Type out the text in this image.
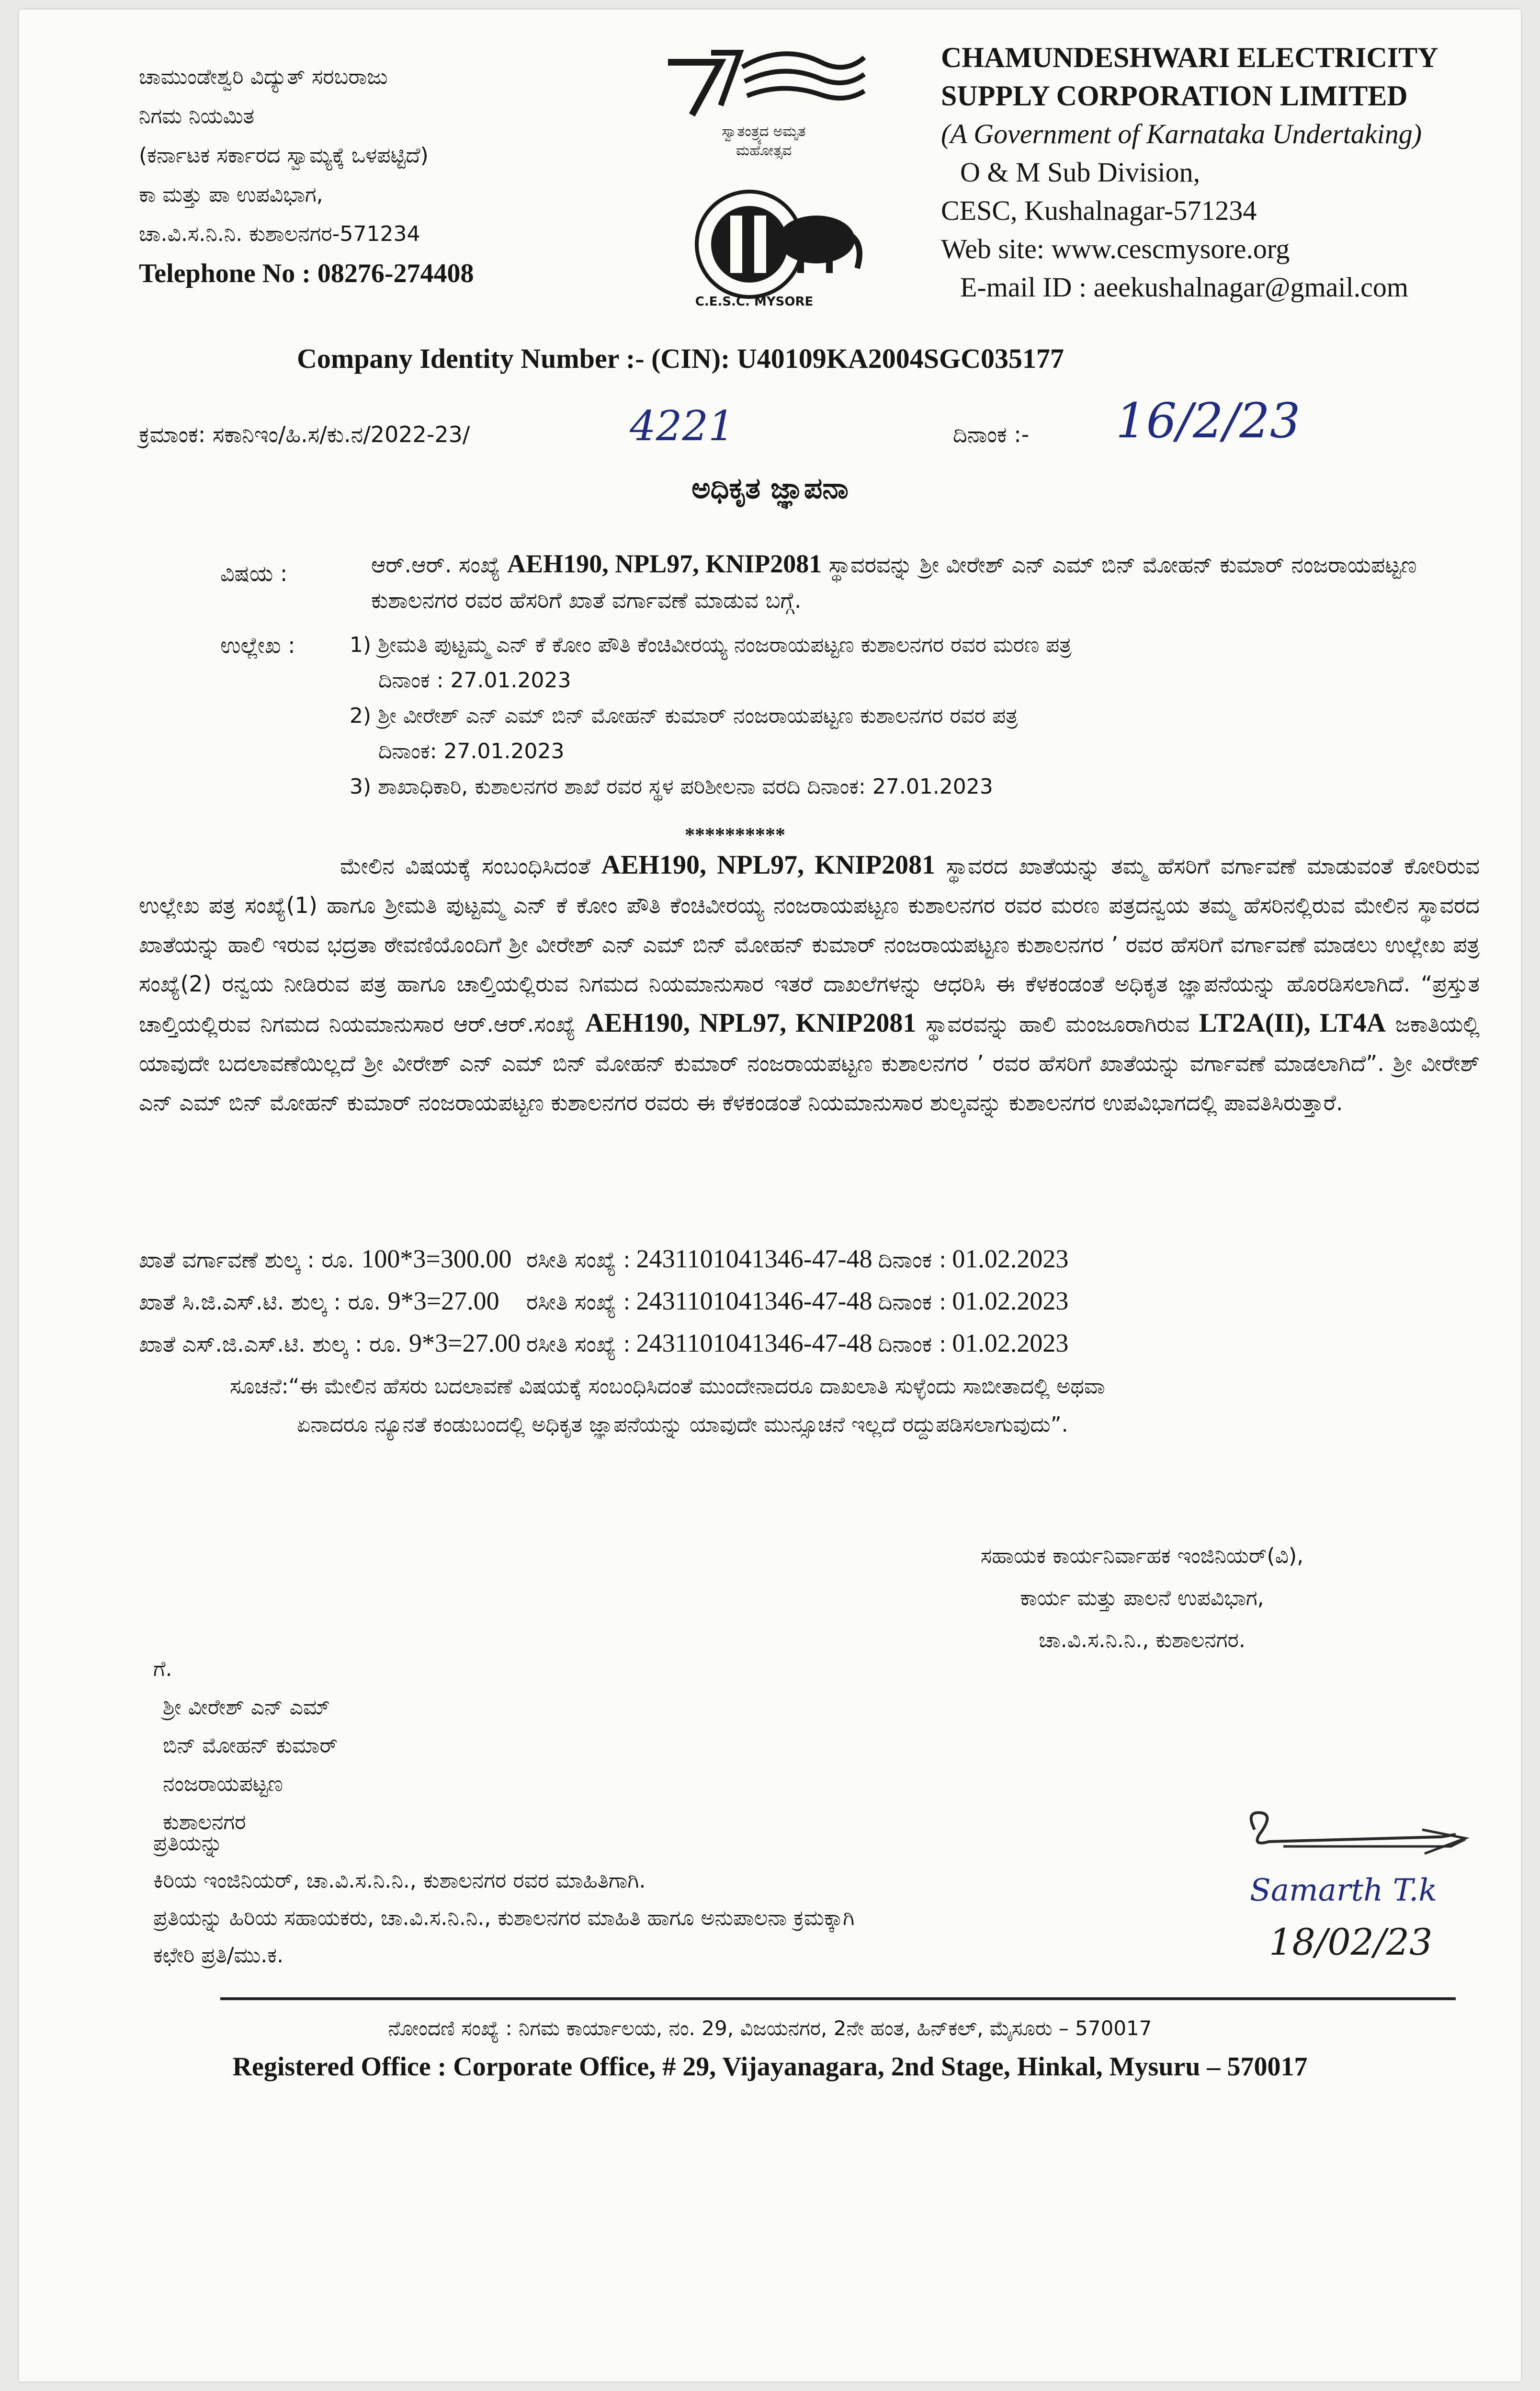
ಚಾಮುಂಡೇಶ್ವರಿ ವಿದ್ಯುತ್ ಸರಬರಾಜು
ನಿಗಮ ನಿಯಮಿತ
(ಕರ್ನಾಟಕ ಸರ್ಕಾರದ ಸ್ವಾಮ್ಯಕ್ಕೆ ಒಳಪಟ್ಟಿದೆ)
ಕಾ ಮತ್ತು ಪಾ ಉಪವಿಭಾಗ,
ಚಾ.ವಿ.ಸ.ನಿ.ನಿ. ಕುಶಾಲನಗರ-571234
Telephone No : 08276-274408
ಸ್ವಾತಂತ್ರ್ಯದ ಅಮೃತ ಮಹೋತ್ಸವ
C.E.S.C. MYSORE
CHAMUNDESHWARI ELECTRICITY
SUPPLY CORPORATION LIMITED
(A Government of Karnataka Undertaking)
O & M Sub Division,
CESC, Kushalnagar-571234
Web site: www.cescmysore.org
E-mail ID : aeekushalnagar@gmail.com
Company Identity Number :- (CIN): U40109KA2004SGC035177
ಕ್ರಮಾಂಕ: ಸಕಾನಿಇಂ/ಹಿ.ಸ/ಕು.ನ/2022-23/	4221	ದಿನಾಂಕ :- 16/2/23
ಅಧಿಕೃತ ಜ್ಞಾಪನಾ
ವಿಷಯ :	ಆರ್.ಆರ್. ಸಂಖ್ಯೆ AEH190, NPL97, KNIP2081 ಸ್ಥಾವರವನ್ನು ಶ್ರೀ ವೀರೇಶ್ ಎನ್ ಎಮ್ ಬಿನ್ ಮೋಹನ್ ಕುಮಾರ್ ನಂಜರಾಯಪಟ್ಟಣ ಕುಶಾಲನಗರ ರವರ ಹೆಸರಿಗೆ ಖಾತೆ ವರ್ಗಾವಣೆ ಮಾಡುವ ಬಗ್ಗೆ.
ಉಲ್ಲೇಖ :	1) ಶ್ರೀಮತಿ ಪುಟ್ಟಮ್ಮ ಎನ್ ಕೆ ಕೋಂ ಪೌತಿ ಕೆಂಚಿವೀರಯ್ಯ ನಂಜರಾಯಪಟ್ಟಣ ಕುಶಾಲನಗರ ರವರ ಮರಣ ಪತ್ರ
ದಿನಾಂಕ : 27.01.2023
2) ಶ್ರೀ ವೀರೇಶ್ ಎನ್ ಎಮ್ ಬಿನ್ ಮೋಹನ್ ಕುಮಾರ್ ನಂಜರಾಯಪಟ್ಟಣ ಕುಶಾಲನಗರ ರವರ ಪತ್ರ
ದಿನಾಂಕ: 27.01.2023
3) ಶಾಖಾಧಿಕಾರಿ, ಕುಶಾಲನಗರ ಶಾಖೆ ರವರ ಸ್ಥಳ ಪರಿಶೀಲನಾ ವರದಿ ದಿನಾಂಕ: 27.01.2023
**********
ಮೇಲಿನ ವಿಷಯಕ್ಕೆ ಸಂಬಂಧಿಸಿದಂತೆ AEH190, NPL97, KNIP2081 ಸ್ಥಾವರದ ಖಾತೆಯನ್ನು ತಮ್ಮ ಹೆಸರಿಗೆ ವರ್ಗಾವಣೆ ಮಾಡುವಂತೆ ಕೋರಿರುವ ಉಲ್ಲೇಖ ಪತ್ರ ಸಂಖ್ಯೆ(1) ಹಾಗೂ ಶ್ರೀಮತಿ ಪುಟ್ಟಮ್ಮ ಎನ್ ಕೆ ಕೋಂ ಪೌತಿ ಕೆಂಚಿವೀರಯ್ಯ ನಂಜರಾಯಪಟ್ಟಣ ಕುಶಾಲನಗರ ರವರ ಮರಣ ಪತ್ರದನ್ವಯ ತಮ್ಮ ಹೆಸರಿನಲ್ಲಿರುವ ಮೇಲಿನ ಸ್ಥಾವರದ ಖಾತೆಯನ್ನು ಹಾಲಿ ಇರುವ ಭದ್ರತಾ ಠೇವಣಿಯೊಂದಿಗೆ ಶ್ರೀ ವೀರೇಶ್ ಎನ್ ಎಮ್ ಬಿನ್ ಮೋಹನ್ ಕುಮಾರ್ ನಂಜರಾಯಪಟ್ಟಣ ಕುಶಾಲನಗರ ’ ರವರ ಹೆಸರಿಗೆ ವರ್ಗಾವಣೆ ಮಾಡಲು ಉಲ್ಲೇಖ ಪತ್ರ ಸಂಖ್ಯೆ(2) ರನ್ವಯ ನೀಡಿರುವ ಪತ್ರ ಹಾಗೂ ಚಾಲ್ತಿಯಲ್ಲಿರುವ ನಿಗಮದ ನಿಯಮಾನುಸಾರ ಇತರೆ ದಾಖಲೆಗಳನ್ನು ಆಧರಿಸಿ ಈ ಕೆಳಕಂಡಂತೆ ಅಧಿಕೃತ ಜ್ಞಾಪನೆಯನ್ನು ಹೊರಡಿಸಲಾಗಿದೆ. “ಪ್ರಸ್ತುತ ಚಾಲ್ತಿಯಲ್ಲಿರುವ ನಿಗಮದ ನಿಯಮಾನುಸಾರ ಆರ್.ಆರ್.ಸಂಖ್ಯೆ AEH190, NPL97, KNIP2081 ಸ್ಥಾವರವನ್ನು ಹಾಲಿ ಮಂಜೂರಾಗಿರುವ LT2A(II), LT4A ಜಕಾತಿಯಲ್ಲಿ ಯಾವುದೇ ಬದಲಾವಣೆಯಿಲ್ಲದೆ ಶ್ರೀ ವೀರೇಶ್ ಎನ್ ಎಮ್ ಬಿನ್ ಮೋಹನ್ ಕುಮಾರ್ ನಂಜರಾಯಪಟ್ಟಣ ಕುಶಾಲನಗರ ’ ರವರ ಹೆಸರಿಗೆ ಖಾತೆಯನ್ನು ವರ್ಗಾವಣೆ ಮಾಡಲಾಗಿದೆ”. ಶ್ರೀ ವೀರೇಶ್ ಎನ್ ಎಮ್ ಬಿನ್ ಮೋಹನ್ ಕುಮಾರ್ ನಂಜರಾಯಪಟ್ಟಣ ಕುಶಾಲನಗರ ರವರು ಈ ಕೆಳಕಂಡಂತೆ ನಿಯಮಾನುಸಾರ ಶುಲ್ಕವನ್ನು ಕುಶಾಲನಗರ ಉಪವಿಭಾಗದಲ್ಲಿ ಪಾವತಿಸಿರುತ್ತಾರೆ.
ಖಾತೆ ವರ್ಗಾವಣೆ ಶುಲ್ಕ : ರೂ. 100*3=300.00	ರಸೀತಿ ಸಂಖ್ಯೆ :	2431101041346-47-48	ದಿನಾಂಕ :	01.02.2023
ಖಾತೆ ಸಿ.ಜಿ.ಎಸ್.ಟಿ. ಶುಲ್ಕ : ರೂ. 9*3=27.00	ರಸೀತಿ ಸಂಖ್ಯೆ :	2431101041346-47-48	ದಿನಾಂಕ :	01.02.2023
ಖಾತೆ ಎಸ್.ಜಿ.ಎಸ್.ಟಿ. ಶುಲ್ಕ : ರೂ. 9*3=27.00	ರಸೀತಿ ಸಂಖ್ಯೆ :	2431101041346-47-48	ದಿನಾಂಕ :	01.02.2023
ಸೂಚನೆ:“ಈ ಮೇಲಿನ ಹೆಸರು ಬದಲಾವಣೆ ವಿಷಯಕ್ಕೆ ಸಂಬಂಧಿಸಿದಂತೆ ಮುಂದೇನಾದರೂ ದಾಖಲಾತಿ ಸುಳ್ಳೆಂದು ಸಾಬೀತಾದಲ್ಲಿ ಅಥವಾ
ಏನಾದರೂ ನ್ಯೂನತೆ ಕಂಡುಬಂದಲ್ಲಿ ಅಧಿಕೃತ ಜ್ಞಾಪನೆಯನ್ನು ಯಾವುದೇ ಮುನ್ಸೂಚನೆ ಇಲ್ಲದೆ ರದ್ದುಪಡಿಸಲಾಗುವುದು”.
ಸಹಾಯಕ ಕಾರ್ಯನಿರ್ವಾಹಕ ಇಂಜಿನಿಯರ್(ವಿ),
ಕಾರ್ಯ ಮತ್ತು ಪಾಲನೆ ಉಪವಿಭಾಗ,
ಚಾ.ವಿ.ಸ.ನಿ.ನಿ., ಕುಶಾಲನಗರ.
ಗೆ.
ಶ್ರೀ ವೀರೇಶ್ ಎನ್ ಎಮ್
ಬಿನ್ ಮೋಹನ್ ಕುಮಾರ್
ನಂಜರಾಯಪಟ್ಟಣ
ಕುಶಾಲನಗರ
ಪ್ರತಿಯನ್ನು
ಕಿರಿಯ ಇಂಜಿನಿಯರ್, ಚಾ.ವಿ.ಸ.ನಿ.ನಿ., ಕುಶಾಲನಗರ ರವರ ಮಾಹಿತಿಗಾಗಿ.
ಪ್ರತಿಯನ್ನು ಹಿರಿಯ ಸಹಾಯಕರು, ಚಾ.ವಿ.ಸ.ನಿ.ನಿ., ಕುಶಾಲನಗರ ಮಾಹಿತಿ ಹಾಗೂ ಅನುಪಾಲನಾ ಕ್ರಮಕ್ಕಾಗಿ
ಕಛೇರಿ ಪ್ರತಿ/ಮು.ಕ.
Samarth T.k
18/02/23
ನೋಂದಣಿ ಸಂಖ್ಯೆ : ನಿಗಮ ಕಾರ್ಯಾಲಯ, ನಂ. 29, ವಿಜಯನಗರ, 2ನೇ ಹಂತ, ಹಿನ್‌ಕಲ್, ಮೈಸೂರು – 570017
Registered Office : Corporate Office, # 29, Vijayanagara, 2nd Stage, Hinkal, Mysuru – 570017
